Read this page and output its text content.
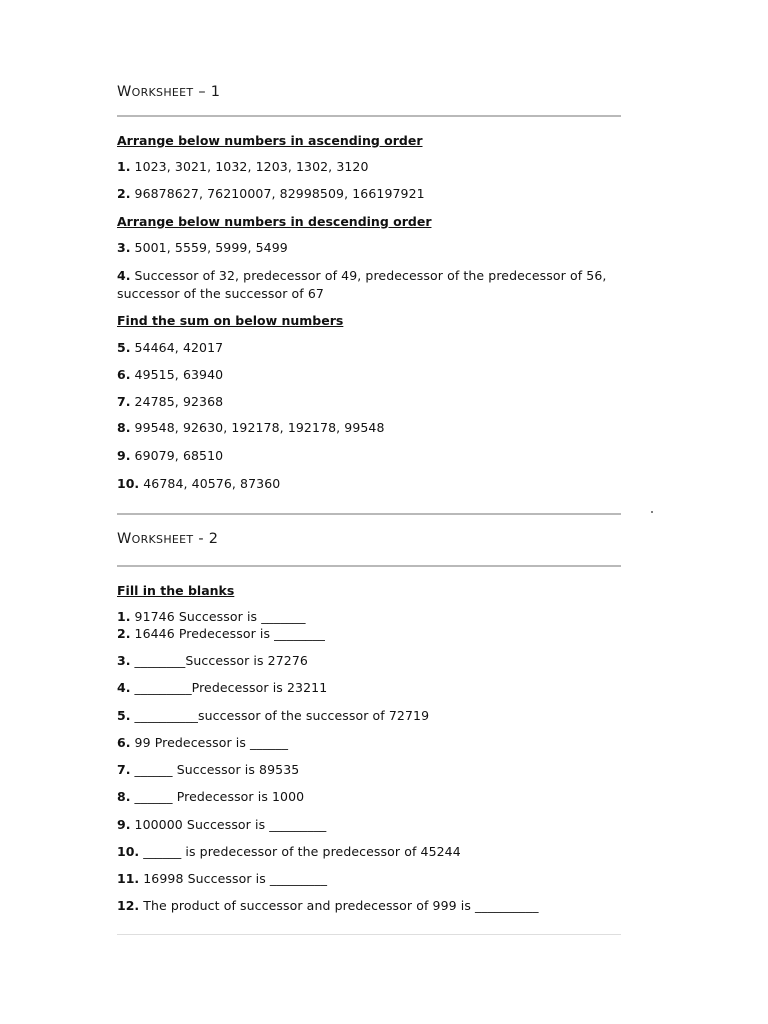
WORKSHEET – 1
Arrange below numbers in ascending order
1. 1023, 3021, 1032, 1203, 1302, 3120
2. 96878627, 76210007, 82998509, 166197921
Arrange below numbers in descending order
3. 5001, 5559, 5999, 5499
4. Successor of 32, predecessor of 49, predecessor of the predecessor of 56, successor of the successor of 67
Find the sum on below numbers
5. 54464, 42017
6. 49515, 63940
7. 24785, 92368
8. 99548, 92630, 192178, 192178, 99548
9. 69079, 68510
10. 46784, 40576, 87360
WORKSHEET - 2
Fill in the blanks
1. 91746 Successor is _______
2. 16446 Predecessor is ________
3. ________Successor is 27276
4. _________Predecessor is 23211
5. __________successor of the successor of 72719
6. 99 Predecessor is ______
7. ______ Successor is 89535
8. ______ Predecessor is 1000
9. 100000 Successor is _________
10. ______ is predecessor of the predecessor of 45244
11. 16998 Successor is _________
12. The product of successor and predecessor of 999 is __________
